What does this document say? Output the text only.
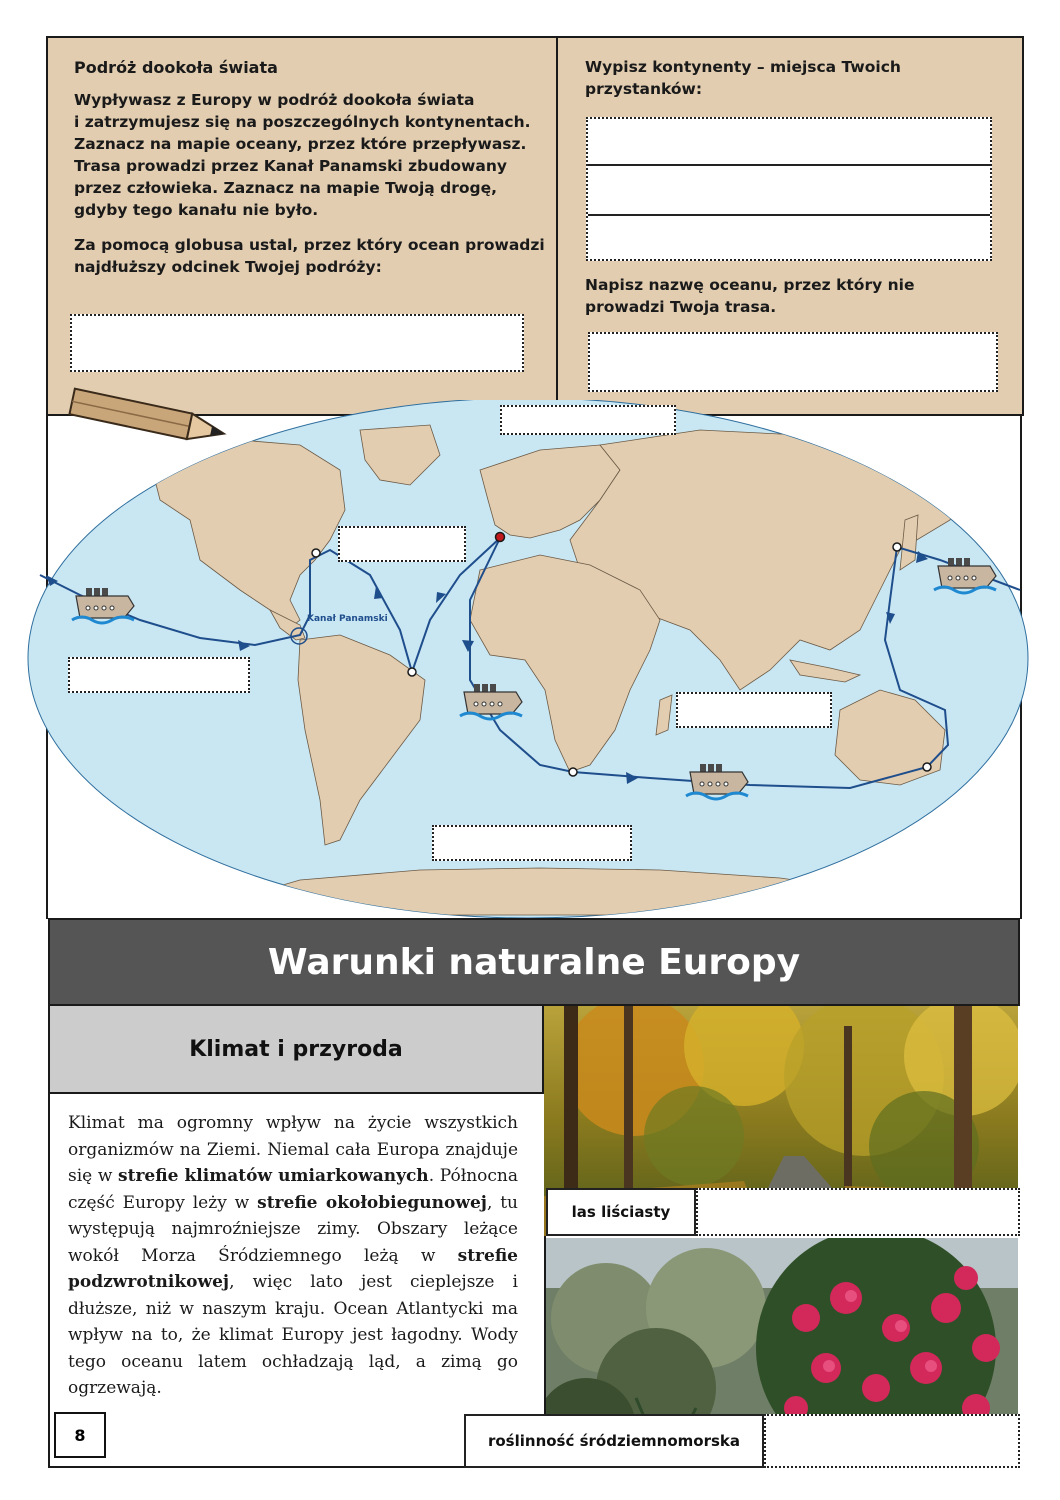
Podróż dookoła świata
Wypływasz z Europy w podróż dookoła świata
i zatrzymujesz się na poszczególnych kontynentach.
Zaznacz na mapie oceany, przez które przepływasz.
Trasa prowadzi przez Kanał Panamski zbudowany
przez człowieka. Zaznacz na mapie Twoją drogę,
gdyby tego kanału nie było.
Za pomocą globusa ustal, przez który ocean prowadzi
najdłuższy odcinek Twojej podróży:
Wypisz kontynenty – miejsca Twoich
przystanków:
Napisz nazwę oceanu, przez który nie
prowadzi Twoja trasa.
Kanał Panamski
Warunki naturalne Europy
Klimat i przyroda
Klimat ma ogromny wpływ na życie wszystkich organizmów na Ziemi. Niemal cała Europa znajduje się w strefie klimatów umiarkowanych. Północna część Europy leży w strefie okołobiegunowej, tu występują najmroźniejsze zimy. Obszary leżące wokół Morza Śródziemnego leżą w strefie podzwrotnikowej, więc lato jest cieplejsze i dłuższe, niż w naszym kraju. Ocean Atlantycki ma wpływ na to, że klimat Europy jest łagodny. Wody tego oceanu latem ochładzają ląd, a zimą go ogrzewają.
las liściasty
roślinność śródziemnomorska
8
